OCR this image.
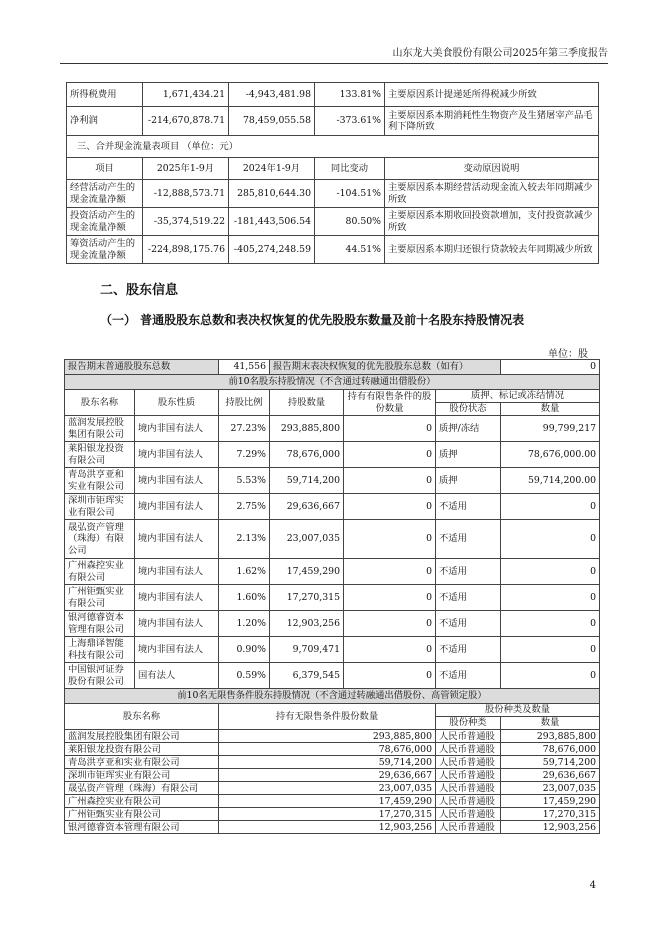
山东龙大美食股份有限公司2025年第三季度报告
所得税费用	1,671,434.21	-4,943,481.98	133.81%	主要原因系计提递延所得税减少所致
净利润	-214,670,878.71	78,459,055.58	-373.61%	主要原因系本期消耗性生物资产及生猪屠宰产品毛利下降所致
三、合并现金流量表项目 （单位：元）				
项目	2025年1-9月	2024年1-9月	同比变动	变动原因说明
经营活动产生的现金流量净额	-12,888,573.71	285,810,644.30	-104.51%	主要原因系本期经营活动现金流入较去年同期减少所致
投资活动产生的现金流量净额	-35,374,519.22	-181,443,506.54	80.50%	主要原因系本期收回投资款增加，支付投资款减少所致
筹资活动产生的现金流量净额	-224,898,175.76	-405,274,248.59	44.51%	主要原因系本期归还银行贷款较去年同期减少所致
二、股东信息
（一） 普通股股东总数和表决权恢复的优先股股东数量及前十名股东持股情况表
单位：股
报告期末普通股股东总数		41,556	报告期末表决权恢复的优先股股东总数（如有）			0
前10名股东持股情况（不含通过转融通出借股份）						
股东名称	股东性质	持股比例	持股数量	持有有限售条件的股份数量	质押、标记或冻结情况	
					股份状态	数量
蓝润发展控股集团有限公司	境内非国有法人	27.23%	293,885,800	0	质押/冻结	99,799,217
莱阳银龙投资有限公司	境内非国有法人	7.29%	78,676,000	0	质押	78,676,000.00
青岛洪亨亚和实业有限公司	境内非国有法人	5.53%	59,714,200	0	质押	59,714,200.00
深圳市钜珲实业有限公司	境内非国有法人	2.75%	29,636,667	0	不适用	0
晟弘资产管理（珠海）有限公司	境内非国有法人	2.13%	23,007,035	0	不适用	0
广州森控实业有限公司	境内非国有法人	1.62%	17,459,290	0	不适用	0
广州钜甄实业有限公司	境内非国有法人	1.60%	17,270,315	0	不适用	0
银河德睿资本管理有限公司	境内非国有法人	1.20%	12,903,256	0	不适用	0
上海鼎译智能科技有限公司	境内非国有法人	0.90%	9,709,471	0	不适用	0
中国银河证券股份有限公司	国有法人	0.59%	6,379,545	0	不适用	0
前10名无限售条件股东持股情况（不含通过转融通出借股份、高管锁定股）						
股东名称		持有无限售条件股份数量			股份种类及数量	
					股份种类	数量
蓝润发展控股集团有限公司		293,885,800			人民币普通股	293,885,800
莱阳银龙投资有限公司		78,676,000			人民币普通股	78,676,000
青岛洪亨亚和实业有限公司		59,714,200			人民币普通股	59,714,200
深圳市钜珲实业有限公司		29,636,667			人民币普通股	29,636,667
晟弘资产管理（珠海）有限公司		23,007,035			人民币普通股	23,007,035
广州森控实业有限公司		17,459,290			人民币普通股	17,459,290
广州钜甄实业有限公司		17,270,315			人民币普通股	17,270,315
银河德睿资本管理有限公司		12,903,256			人民币普通股	12,903,256
4
